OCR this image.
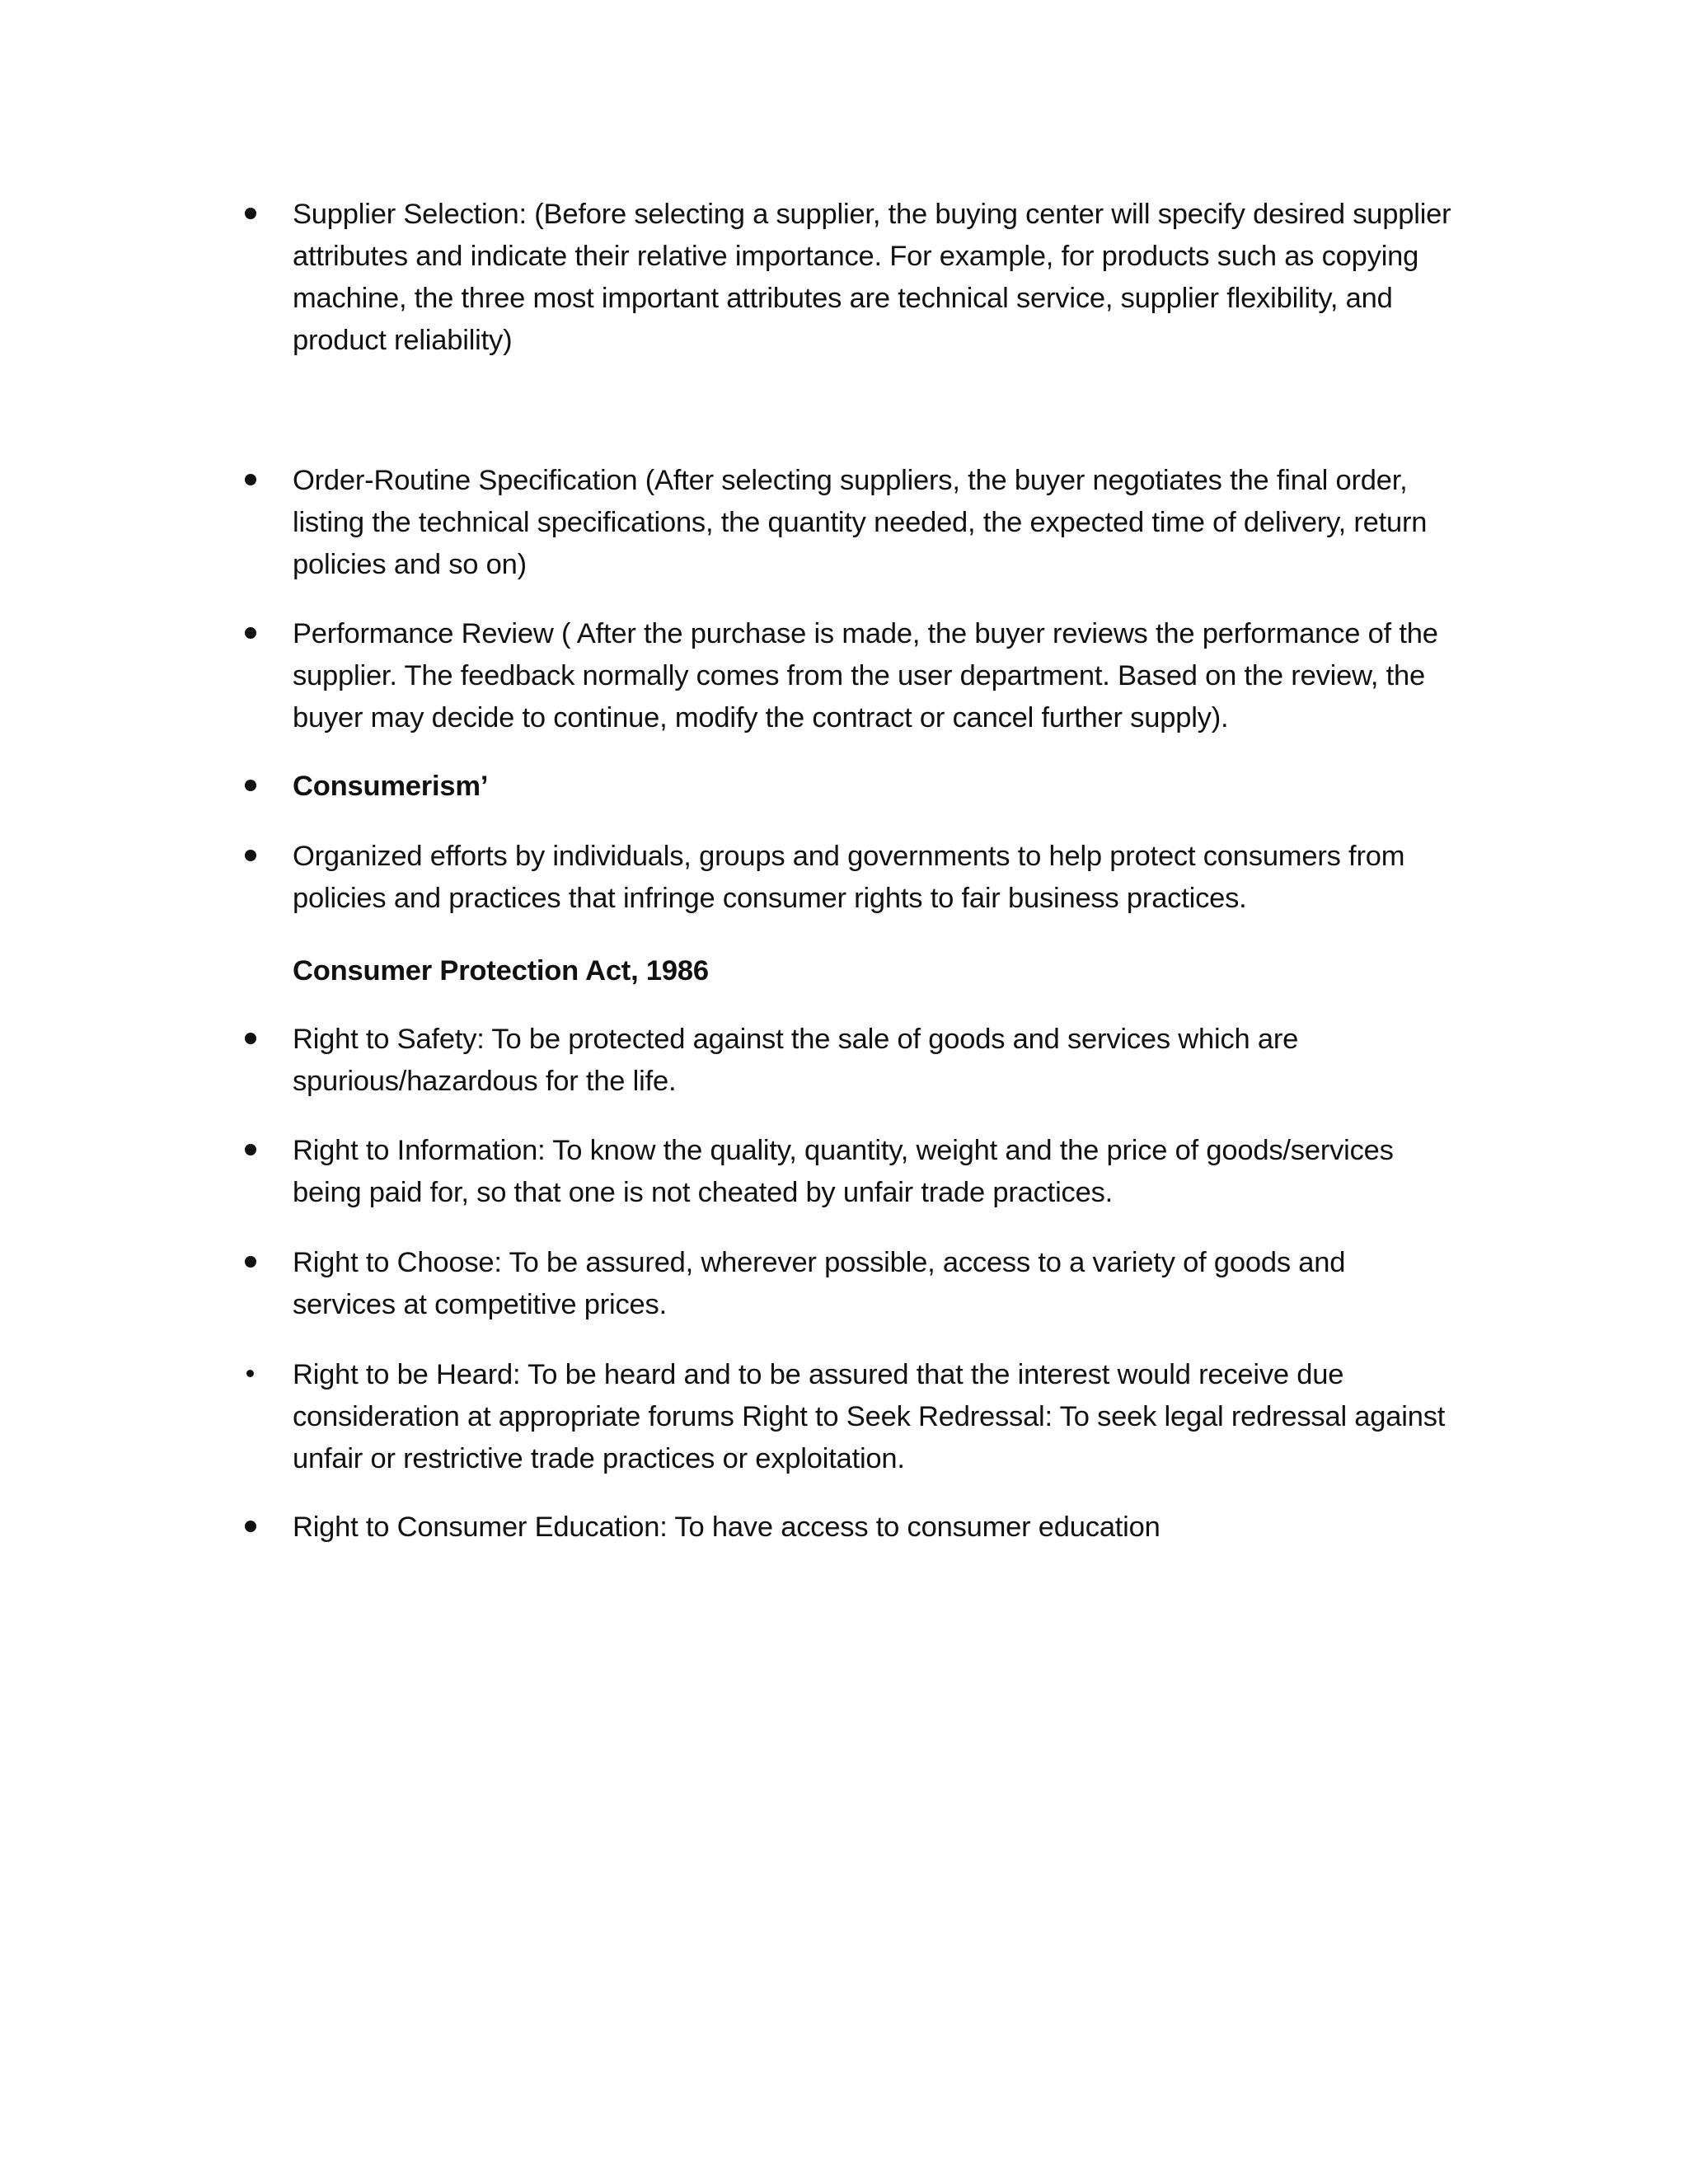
Supplier Selection: (Before selecting a supplier, the buying center will specify desired supplier attributes and indicate their relative importance. For example, for products such as copying machine, the three most important attributes are technical service, supplier flexibility, and product reliability)

Order-Routine Specification (After selecting suppliers, the buyer negotiates the final order, listing the technical specifications, the quantity needed, the expected time of delivery, return policies and so on)

Performance Review ( After the purchase is made, the buyer reviews the performance of the supplier. The feedback normally comes from the user department. Based on the review, the buyer may decide to continue, modify the contract or cancel further supply).

Consumerism’

Organized efforts by individuals, groups and governments to help protect consumers from policies and practices that infringe consumer rights to fair business practices.

Consumer Protection Act, 1986

Right to Safety: To be protected against the sale of goods and services which are spurious/hazardous for the life.

Right to Information: To know the quality, quantity, weight and the price of goods/services being paid for, so that one is not cheated by unfair trade practices.

Right to Choose: To be assured, wherever possible, access to a variety of goods and services at competitive prices.

Right to be Heard: To be heard and to be assured that the interest would receive due consideration at appropriate forums Right to Seek Redressal: To seek legal redressal against unfair or restrictive trade practices or exploitation.

Right to Consumer Education: To have access to consumer education
